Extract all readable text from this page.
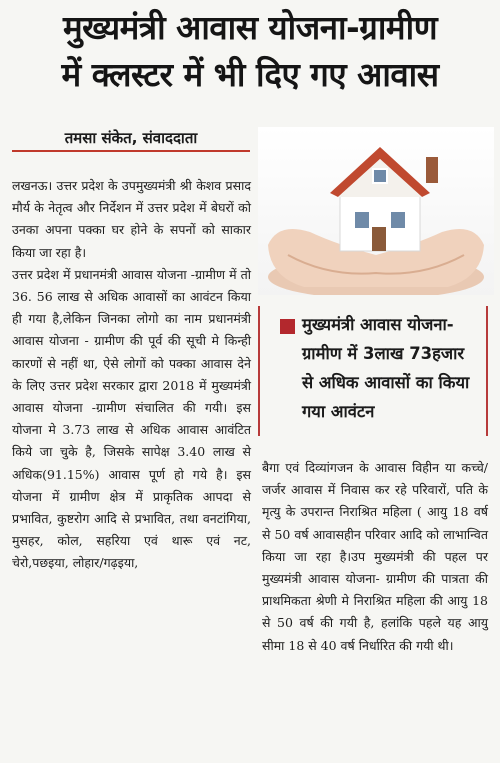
मुख्यमंत्री आवास योजना-ग्रामीण
में क्लस्टर में भी दिए गए आवास
तमसा संकेत, संवाददाता

लखनऊ। उत्तर प्रदेश के उपमुख्यमंत्री श्री केशव प्रसाद मौर्य के नेतृत्व और निर्देशन में उत्तर प्रदेश में बेघरों को उनका अपना पक्का घर होने के सपनों को साकार किया जा रहा है।

उत्तर प्रदेश में प्रधानमंत्री आवास योजना -ग्रामीण में तो 36. 56 लाख से अधिक आवासों का आवंटन किया ही गया है,लेकिन जिनका लोगो का नाम प्रधानमंत्री आवास योजना - ग्रामीण की पूर्व की सूची मे किन्ही कारणों से नहीं था, ऐसे लोगों को पक्का आवास देने के लिए उत्तर प्रदेश सरकार द्वारा 2018 में मुख्यमंत्री आवास योजना -ग्रामीण संचालित की गयी। इस योजना मे 3.73 लाख से अधिक आवास आवंटित किये जा चुके है, जिसके सापेक्ष 3.40 लाख से अधिक(91.15%) आवास पूर्ण हो गये है। इस योजना में ग्रामीण क्षेत्र में प्राकृतिक आपदा से प्रभावित, कुष्टरोग आदि से प्रभावित, तथा वनटांगिया, मुसहर, कोल, सहरिया एवं थारू एवं नट, चेरो,पछइया, लोहार/गढ़इया,

मुख्यमंत्री आवास योजना- ग्रामीण में 3लाख 73हजार से अधिक आवासों का किया गया आवंटन

बैगा एवं दिव्यांगजन के आवास विहीन या कच्चे/जर्जर आवास में निवास कर रहे परिवारों, पति के मृत्यु के उपरान्त निराश्रित महिला ( आयु 18 वर्ष से 50 वर्ष आवासहीन परिवार आदि को लाभान्वित किया जा रहा है।उप मुख्यमंत्री की पहल पर मुख्यमंत्री आवास योजना- ग्रामीण की पात्रता की प्राथमिकता श्रेणी मे निराश्रित महिला की आयु 18 से 50 वर्ष की गयी है, हलांकि पहले यह आयु सीमा 18 से 40 वर्ष निर्धारित की गयी थी।
